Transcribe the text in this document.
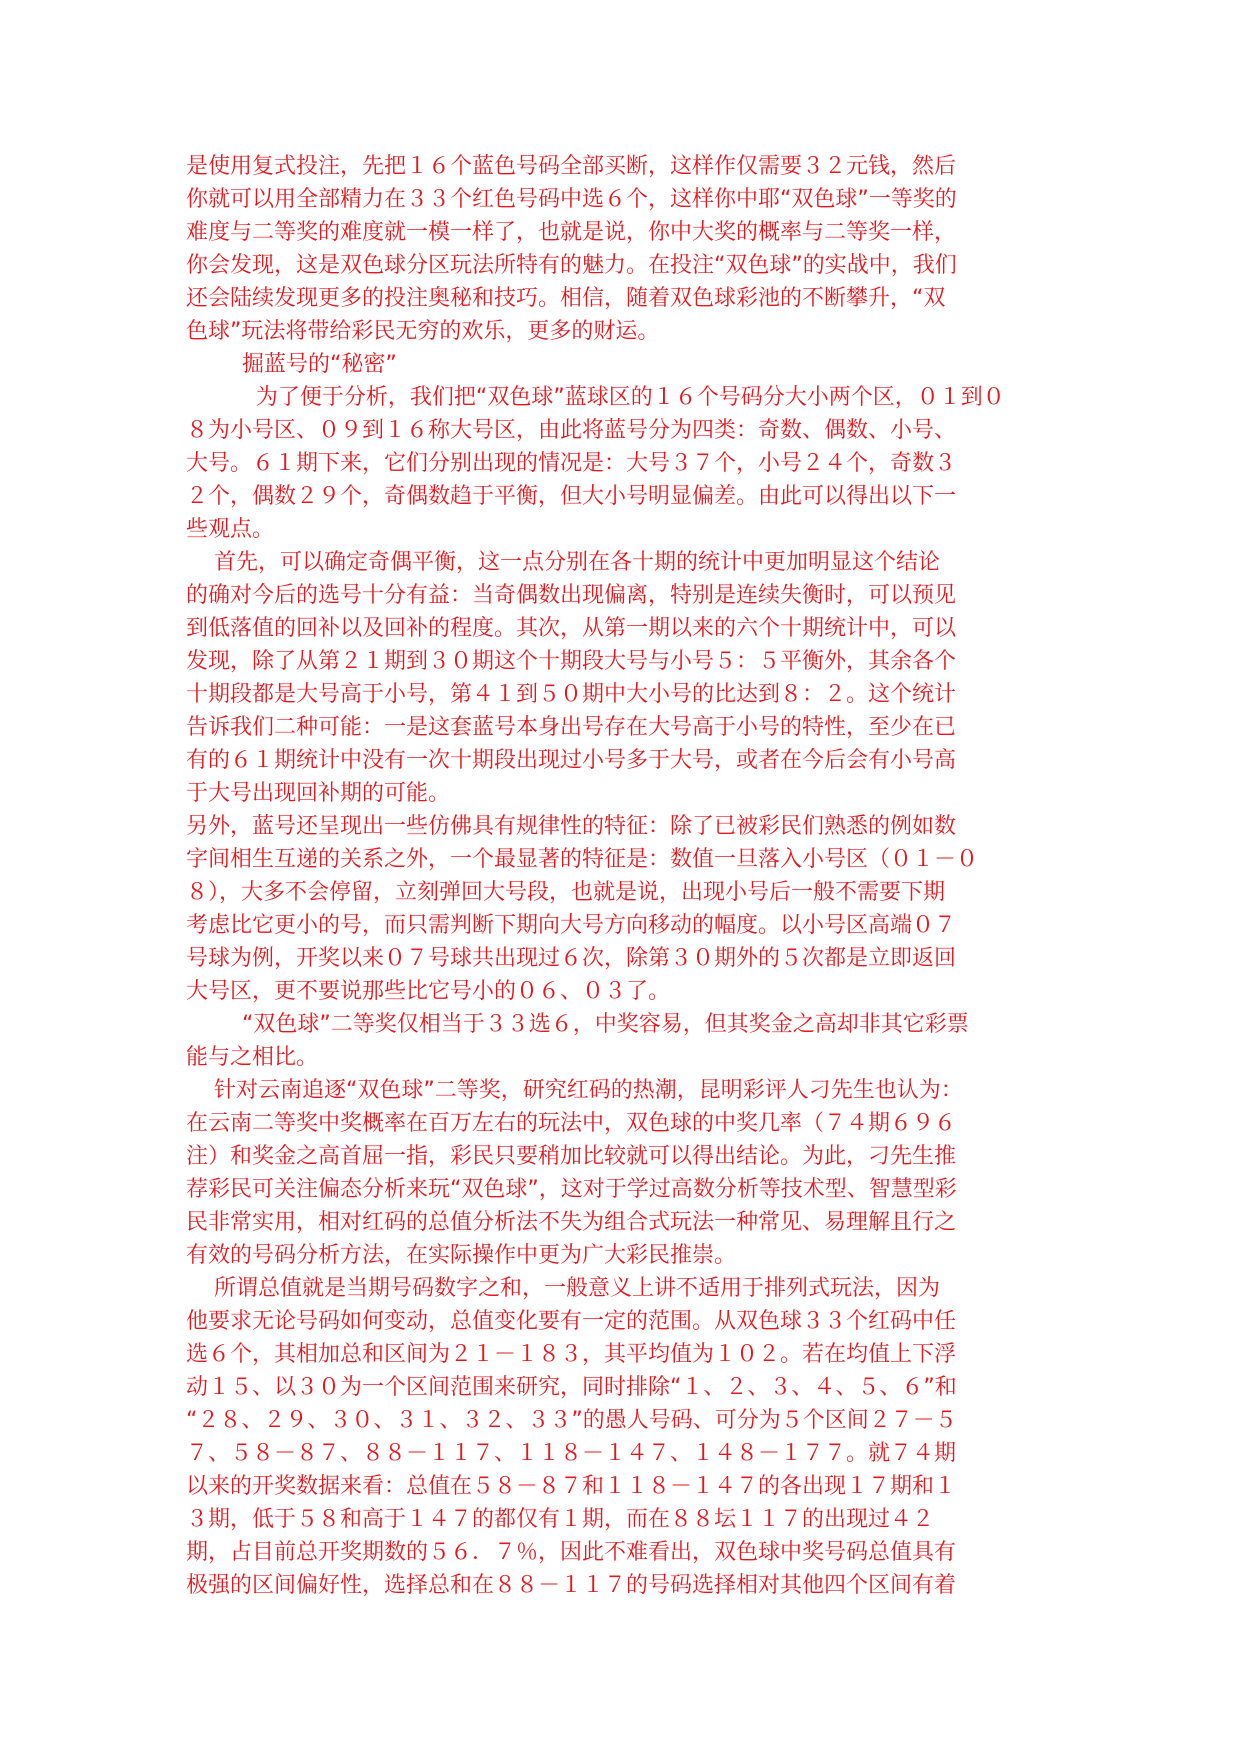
是使用复式投注，先把１６个蓝色号码全部买断，这样作仅需要３２元钱，然后
你就可以用全部精力在３３个红色号码中选６个，这样你中耶“双色球”一等奖的
难度与二等奖的难度就一模一样了，也就是说，你中大奖的概率与二等奖一样，
你会发现，这是双色球分区玩法所特有的魅力。在投注“双色球”的实战中，我们
还会陆续发现更多的投注奥秘和技巧。相信，随着双色球彩池的不断攀升，“双
色球”玩法将带给彩民无穷的欢乐，更多的财运。
掘蓝号的“秘密”
为了便于分析，我们把“双色球”蓝球区的１６个号码分大小两个区，０１到０
８为小号区、０９到１６称大号区，由此将蓝号分为四类：奇数、偶数、小号、
大号。６１期下来，它们分别出现的情况是：大号３７个，小号２４个，奇数３
２个，偶数２９个，奇偶数趋于平衡，但大小号明显偏差。由此可以得出以下一
些观点。
首先，可以确定奇偶平衡，这一点分别在各十期的统计中更加明显这个结论
的确对今后的选号十分有益：当奇偶数出现偏离，特别是连续失衡时，可以预见
到低落值的回补以及回补的程度。其次，从第一期以来的六个十期统计中，可以
发现，除了从第２１期到３０期这个十期段大号与小号５：５平衡外，其余各个
十期段都是大号高于小号，第４１到５０期中大小号的比达到８：２。这个统计
告诉我们二种可能：一是这套蓝号本身出号存在大号高于小号的特性，至少在已
有的６１期统计中没有一次十期段出现过小号多于大号，或者在今后会有小号高
于大号出现回补期的可能。
另外，蓝号还呈现出一些仿佛具有规律性的特征：除了已被彩民们熟悉的例如数
字间相生互递的关系之外，一个最显著的特征是：数值一旦落入小号区（０１－０
８），大多不会停留，立刻弹回大号段，也就是说，出现小号后一般不需要下期
考虑比它更小的号，而只需判断下期向大号方向移动的幅度。以小号区高端０７
号球为例，开奖以来０７号球共出现过６次，除第３０期外的５次都是立即返回
大号区，更不要说那些比它号小的０６、０３了。
“双色球”二等奖仅相当于３３选６，中奖容易，但其奖金之高却非其它彩票
能与之相比。
针对云南追逐“双色球”二等奖，研究红码的热潮，昆明彩评人刁先生也认为：
在云南二等奖中奖概率在百万左右的玩法中，双色球的中奖几率（７４期６９６
注）和奖金之高首屈一指，彩民只要稍加比较就可以得出结论。为此，刁先生推
荐彩民可关注偏态分析来玩“双色球”，这对于学过高数分析等技术型、智慧型彩
民非常实用，相对红码的总值分析法不失为组合式玩法一种常见、易理解且行之
有效的号码分析方法，在实际操作中更为广大彩民推崇。
所谓总值就是当期号码数字之和，一般意义上讲不适用于排列式玩法，因为
他要求无论号码如何变动，总值变化要有一定的范围。从双色球３３个红码中任
选６个，其相加总和区间为２１－１８３，其平均值为１０２。若在均值上下浮
动１５、以３０为一个区间范围来研究，同时排除“１、２、３、４、５、６”和
“２８、２９、３０、３１、３２、３３”的愚人号码、可分为５个区间２７－５
７、５８－８７、８８－１１７、１１８－１４７、１４８－１７７。就７４期
以来的开奖数据来看：总值在５８－８７和１１８－１４７的各出现１７期和１
３期，低于５８和高于１４７的都仅有１期，而在８８坛１１７的出现过４２
期，占目前总开奖期数的５６．７％，因此不难看出，双色球中奖号码总值具有
极强的区间偏好性，选择总和在８８－１１７的号码选择相对其他四个区间有着
